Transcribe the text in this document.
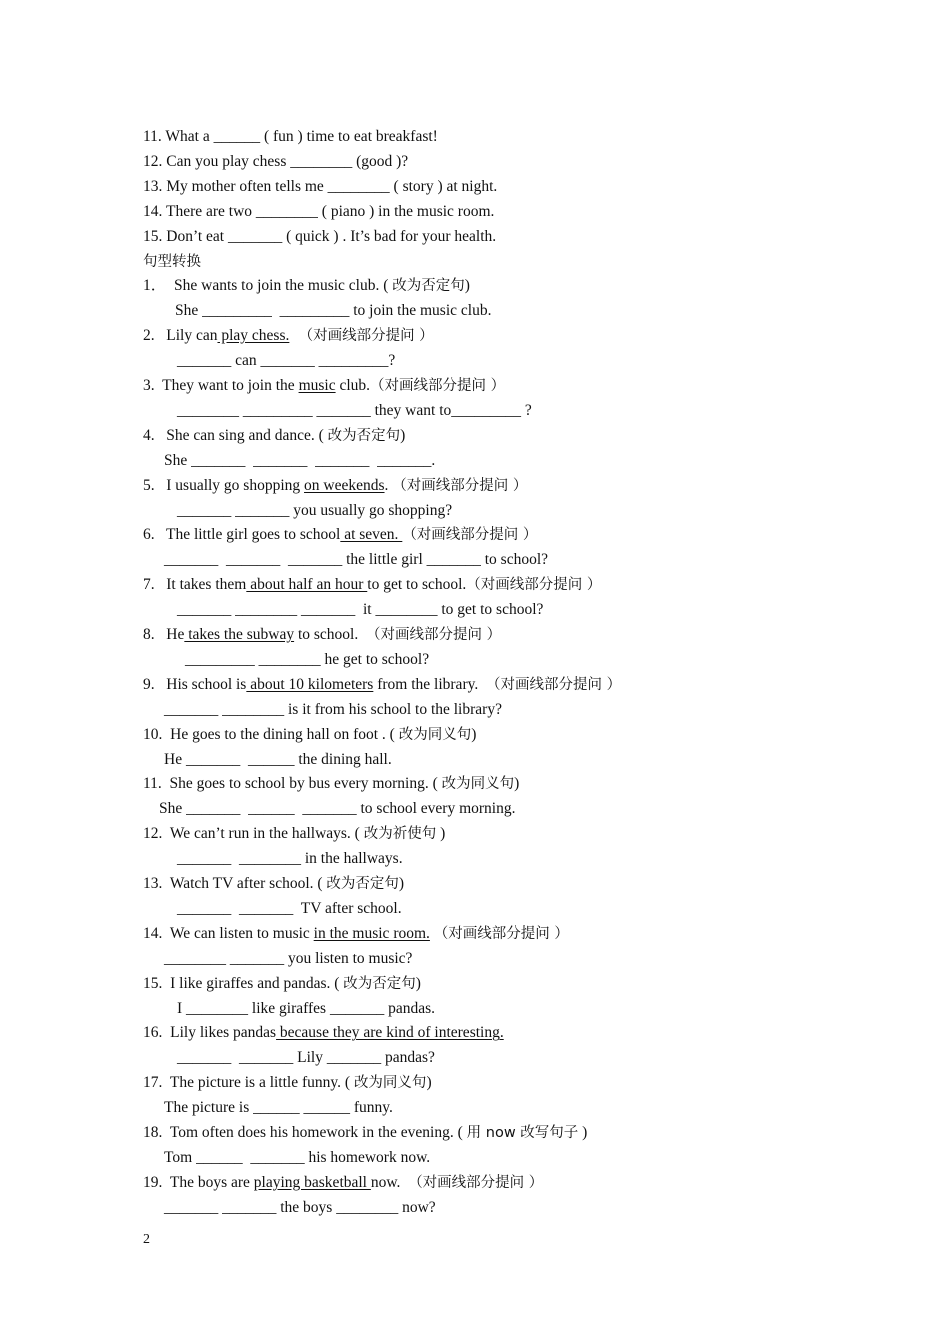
11. What a ______ ( fun ) time to eat breakfast!
12. Can you play chess ________ (good )?
13. My mother often tells me ________ ( story ) at night.
14. There are two ________ ( piano ) in the music room.
15. Don’t eat _______ ( quick ) . It’s bad for your health.
句型转换
1．  She wants to join the music club. ( 改为否定句)
She _________  _________ to join the music club.
2.   Lily can play chess.  （对画线部分提问 ）
_______ can _______ _________?
3.  They want to join the music club.（对画线部分提问 ）
________ _________ _______ they want to_________ ?
4.   She can sing and dance. ( 改为否定句)
She _______  _______  _______  _______.
5.   I usually go shopping on weekends. （对画线部分提问 ）
_______ _______ you usually go shopping?
6.   The little girl goes to school at seven. （对画线部分提问 ）
_______  _______  _______ the little girl _______ to school?
7.   It takes them about half an hour to get to school.（对画线部分提问 ）
_______ ________ _______  it ________ to get to school?
8.   He takes the subway to school.  （对画线部分提问 ）
_________ ________ he get to school?
9.   His school is about 10 kilometers from the library.  （对画线部分提问 ）
_______ ________ is it from his school to the library?
10.  He goes to the dining hall on foot . ( 改为同义句)
He _______  ______ the dining hall.
11.  She goes to school by bus every morning. ( 改为同义句)
She _______  ______  _______ to school every morning.
12.  We can’t run in the hallways. ( 改为祈使句 )
_______  ________ in the hallways.
13.  Watch TV after school. ( 改为否定句)
_______  _______  TV after school.
14.  We can listen to music in the music room. （对画线部分提问 ）
________ _______ you listen to music?
15.  I like giraffes and pandas. ( 改为否定句)
I ________ like giraffes _______ pandas.
16.  Lily likes pandas because they are kind of interesting.
_______  _______ Lily _______ pandas?
17.  The picture is a little funny. ( 改为同义句)
The picture is ______ ______ funny.
18.  Tom often does his homework in the evening. ( 用 now 改写句子 )
Tom ______  _______ his homework now.
19.  The boys are playing basketball now.  （对画线部分提问 ）
_______ _______ the boys ________ now?
2
